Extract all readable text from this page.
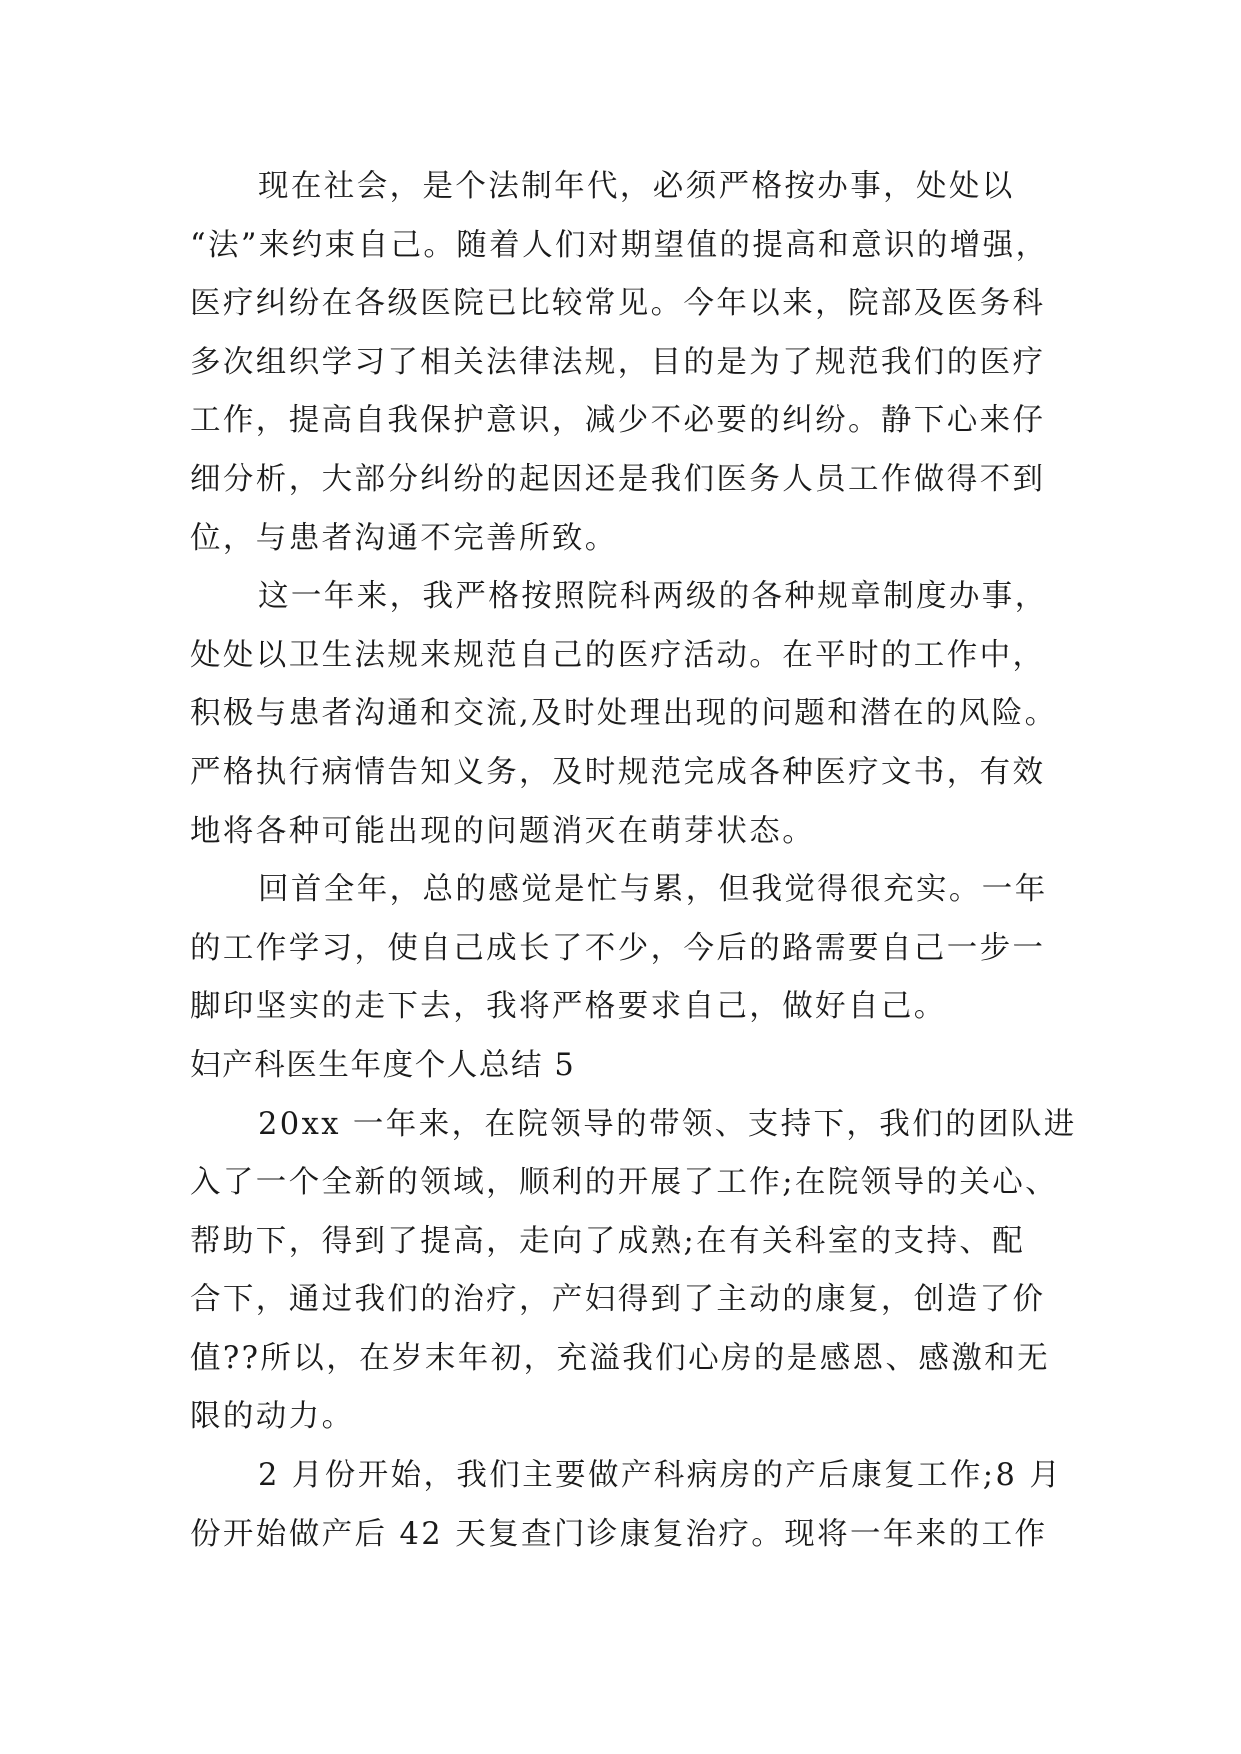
现在社会，是个法制年代，必须严格按办事，处处以
“法”来约束自己。随着人们对期望值的提高和意识的增强，
医疗纠纷在各级医院已比较常见。今年以来，院部及医务科
多次组织学习了相关法律法规，目的是为了规范我们的医疗
工作，提高自我保护意识，减少不必要的纠纷。静下心来仔
细分析，大部分纠纷的起因还是我们医务人员工作做得不到
位，与患者沟通不完善所致。
这一年来，我严格按照院科两级的各种规章制度办事，
处处以卫生法规来规范自己的医疗活动。在平时的工作中，
积极与患者沟通和交流,及时处理出现的问题和潜在的风险。
严格执行病情告知义务，及时规范完成各种医疗文书，有效
地将各种可能出现的问题消灭在萌芽状态。
回首全年，总的感觉是忙与累，但我觉得很充实。一年
的工作学习，使自己成长了不少，今后的路需要自己一步一
脚印坚实的走下去，我将严格要求自己，做好自己。
妇产科医生年度个人总结 5
20xx 一年来，在院领导的带领、支持下，我们的团队进
入了一个全新的领域，顺利的开展了工作;在院领导的关心、
帮助下，得到了提高，走向了成熟;在有关科室的支持、配
合下，通过我们的治疗，产妇得到了主动的康复，创造了价
值??所以，在岁末年初，充溢我们心房的是感恩、感激和无
限的动力。
2 月份开始，我们主要做产科病房的产后康复工作;8 月
份开始做产后 42 天复查门诊康复治疗。现将一年来的工作
